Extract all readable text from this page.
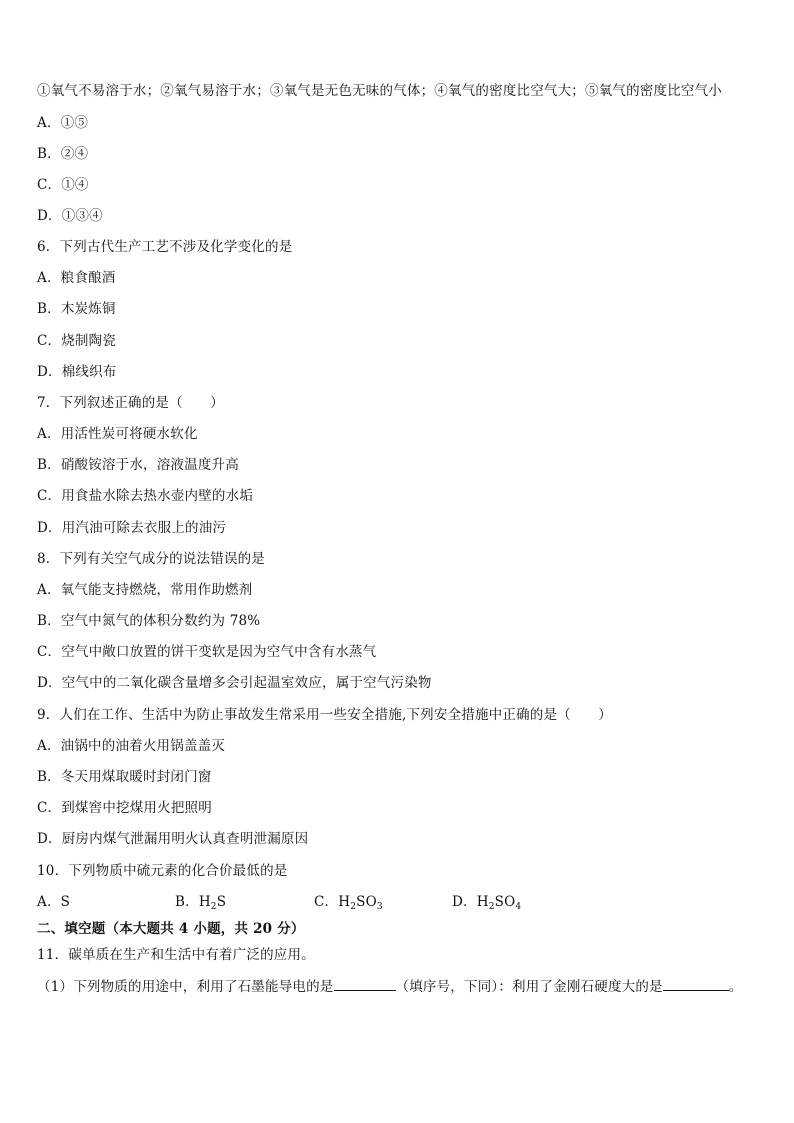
①氧气不易溶于水；②氧气易溶于水；③氧气是无色无味的气体；④氧气的密度比空气大；⑤氧气的密度比空气小
A．①⑤
B．②④
C．①④
D．①③④
6．下列古代生产工艺不涉及化学变化的是
A．粮食酿酒
B．木炭炼铜
C．烧制陶瓷
D．棉线织布
7．下列叙述正确的是（　　）
A．用活性炭可将硬水软化
B．硝酸铵溶于水，溶液温度升高
C．用食盐水除去热水壶内壁的水垢
D．用汽油可除去衣服上的油污
8．下列有关空气成分的说法错误的是
A．氧气能支持燃烧，常用作助燃剂
B．空气中氮气的体积分数约为 78%
C．空气中敞口放置的饼干变软是因为空气中含有水蒸气
D．空气中的二氧化碳含量增多会引起温室效应，属于空气污染物
9．人们在工作、生活中为防止事故发生常采用一些安全措施,下列安全措施中正确的是（　　）
A．油锅中的油着火用锅盖盖灭
B．冬天用煤取暖时封闭门窗
C．到煤窖中挖煤用火把照明
D．厨房内煤气泄漏用明火认真查明泄漏原因
10．下列物质中硫元素的化合价最低的是
A．S	B．$H_2S$	C．$H_2SO_3$	D．$H_2SO_4$
二、填空题（本大题共 4 小题，共 20 分）
11．碳单质在生产和生活中有着广泛的应用。
（1）下列物质的用途中，利用了石墨能导电的是	（填序号，下同）：利用了金刚石硬度大的是	。
